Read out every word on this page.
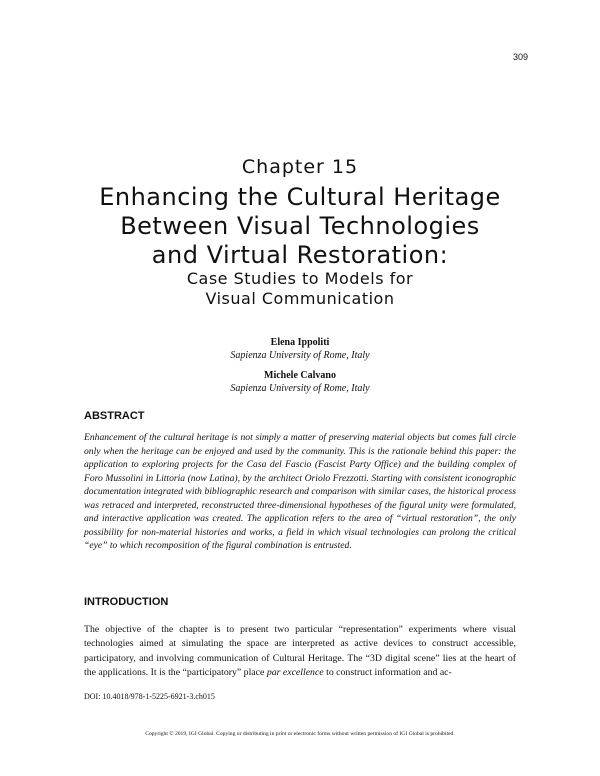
309
Chapter 15
Enhancing the Cultural Heritage
Between Visual Technologies
and Virtual Restoration:
Case Studies to Models for
Visual Communication
Elena Ippoliti
Sapienza University of Rome, Italy
Michele Calvano
Sapienza University of Rome, Italy
ABSTRACT
Enhancement of the cultural heritage is not simply a matter of preserving material objects but comes full circle only when the heritage can be enjoyed and used by the community. This is the rationale behind this paper: the application to exploring projects for the Casa del Fascio (Fascist Party Office) and the building complex of Foro Mussolini in Littoria (now Latina), by the architect Oriolo Frezzotti. Starting with consistent iconographic documentation integrated with bibliographic research and comparison with similar cases, the historical process was retraced and interpreted, reconstructed three-dimensional hypotheses of the figural unity were formulated, and interactive application was created. The application refers to the area of “virtual restoration”, the only possibility for non-material histories and works, a field in which visual technologies can prolong the critical “eye” to which recomposition of the figural combination is entrusted.
INTRODUCTION
The objective of the chapter is to present two particular “representation” experiments where visual technologies aimed at simulating the space are interpreted as active devices to construct accessible, participatory, and involving communication of Cultural Heritage. The “3D digital scene” lies at the heart of the applications. It is the “participatory” place par excellence to construct information and ac-
DOI: 10.4018/978-1-5225-6921-3.ch015
Copyright © 2019, IGI Global. Copying or distributing in print or electronic forms without written permission of IGI Global is prohibited.
